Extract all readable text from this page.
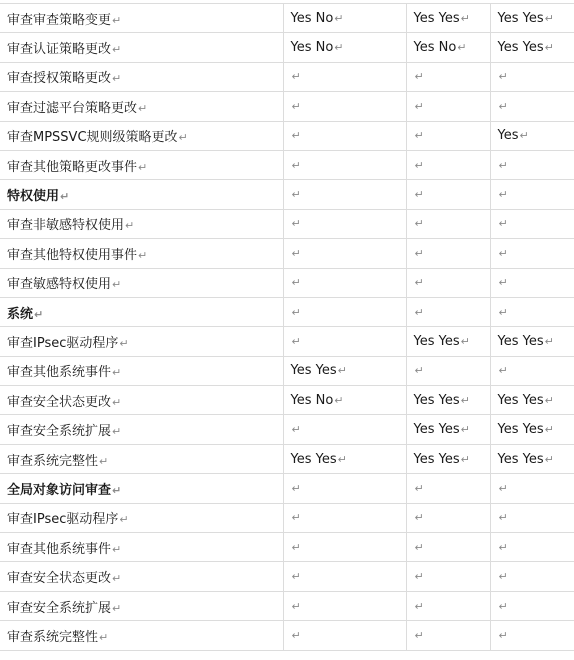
审查审查策略变更↵	Yes No↵	Yes Yes↵	Yes Yes↵
审查认证策略更改↵	Yes No↵	Yes No↵	Yes Yes↵
审查授权策略更改↵	↵	↵	↵
审查过滤平台策略更改↵	↵	↵	↵
审查MPSSVC规则级策略更改↵	↵	↵	Yes↵
审查其他策略更改事件↵	↵	↵	↵
特权使用↵	↵	↵	↵
审查非敏感特权使用↵	↵	↵	↵
审查其他特权使用事件↵	↵	↵	↵
审查敏感特权使用↵	↵	↵	↵
系统↵	↵	↵	↵
审查IPsec驱动程序↵	↵	Yes Yes↵	Yes Yes↵
审查其他系统事件↵	Yes Yes↵	↵	↵
审查安全状态更改↵	Yes No↵	Yes Yes↵	Yes Yes↵
审查安全系统扩展↵	↵	Yes Yes↵	Yes Yes↵
审查系统完整性↵	Yes Yes↵	Yes Yes↵	Yes Yes↵
全局对象访问审查↵	↵	↵	↵
审查IPsec驱动程序↵	↵	↵	↵
审查其他系统事件↵	↵	↵	↵
审查安全状态更改↵	↵	↵	↵
审查安全系统扩展↵	↵	↵	↵
审查系统完整性↵	↵	↵	↵
